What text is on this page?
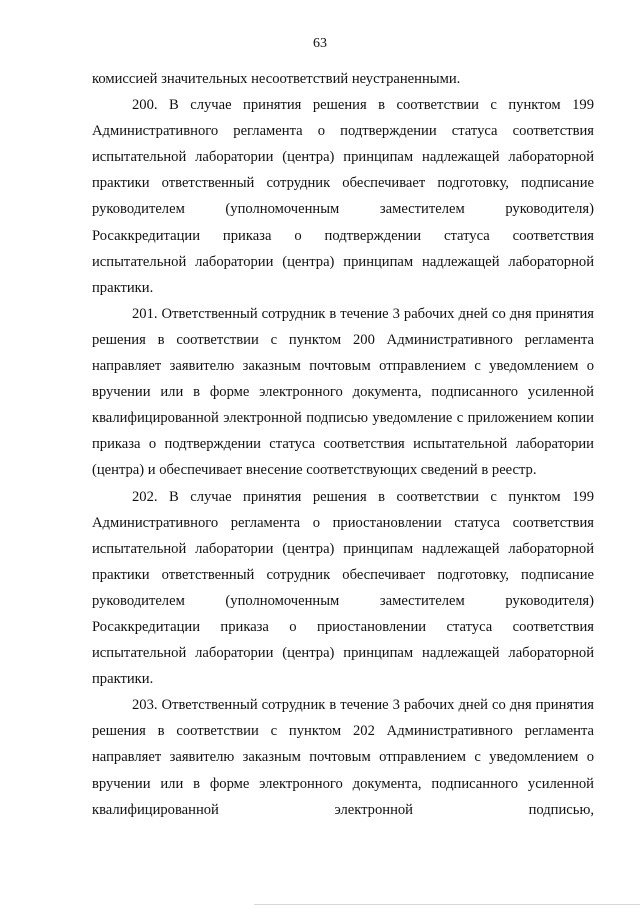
63

комиссией значительных несоответствий неустраненными.

200. В случае принятия решения в соответствии с пунктом 199 Административного регламента о подтверждении статуса соответствия испытательной лаборатории (центра) принципам надлежащей лабораторной практики ответственный сотрудник обеспечивает подготовку, подписание руководителем (уполномоченным заместителем руководителя) Росаккредитации приказа о подтверждении статуса соответствия испытательной лаборатории (центра) принципам надлежащей лабораторной практики.

201. Ответственный сотрудник в течение 3 рабочих дней со дня принятия решения в соответствии с пунктом 200 Административного регламента направляет заявителю заказным почтовым отправлением с уведомлением о вручении или в форме электронного документа, подписанного усиленной квалифицированной электронной подписью уведомление с приложением копии приказа о подтверждении статуса соответствия испытательной лаборатории (центра) и обеспечивает внесение соответствующих сведений в реестр.

202. В случае принятия решения в соответствии с пунктом 199 Административного регламента о приостановлении статуса соответствия испытательной лаборатории (центра) принципам надлежащей лабораторной практики ответственный сотрудник обеспечивает подготовку, подписание руководителем (уполномоченным заместителем руководителя) Росаккредитации приказа о приостановлении статуса соответствия испытательной лаборатории (центра) принципам надлежащей лабораторной практики.

203. Ответственный сотрудник в течение 3 рабочих дней со дня принятия решения в соответствии с пунктом 202 Административного регламента направляет заявителю заказным почтовым отправлением с уведомлением о вручении или в форме электронного документа, подписанного усиленной квалифицированной электронной подписью,
